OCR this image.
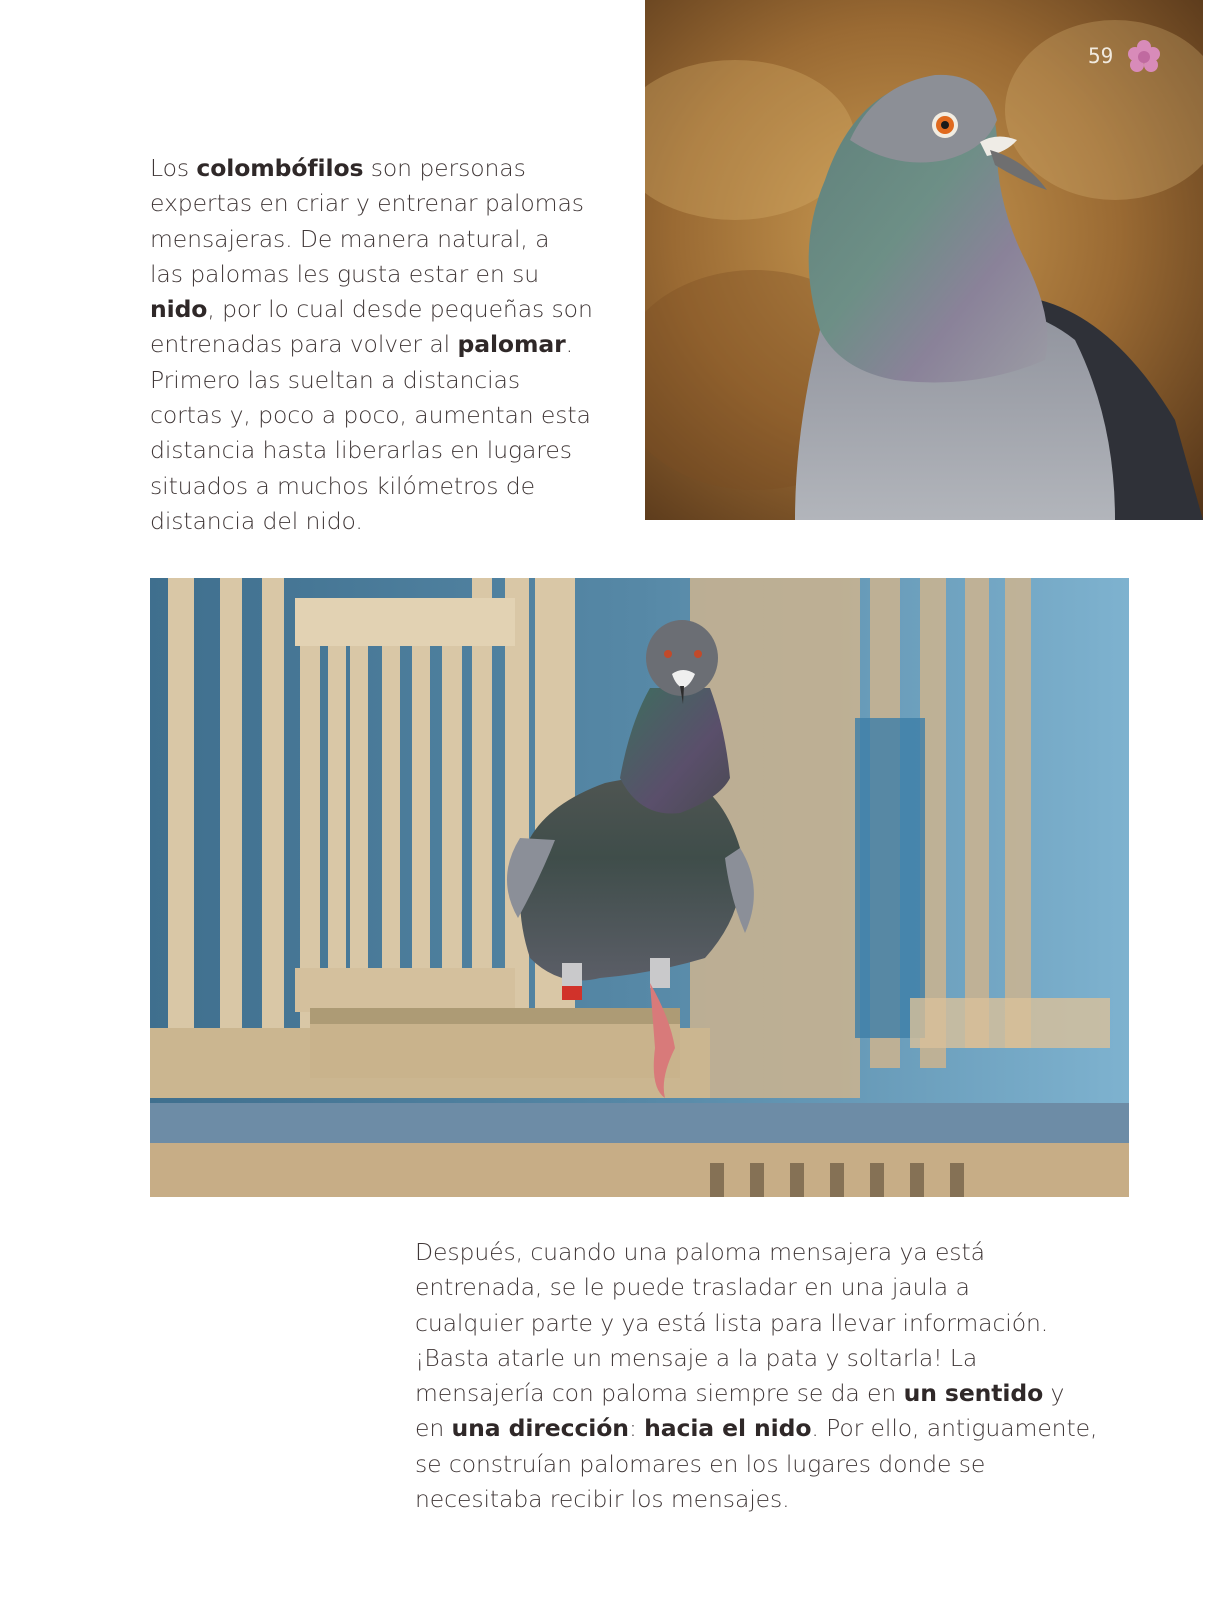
59
Los colombófilos son personas
expertas en criar y entrenar palomas
mensajeras. De manera natural, a
las palomas les gusta estar en su
nido, por lo cual desde pequeñas son
entrenadas para volver al palomar.
Primero las sueltan a distancias
cortas y, poco a poco, aumentan esta
distancia hasta liberarlas en lugares
situados a muchos kilómetros de
distancia del nido.
Después, cuando una paloma mensajera ya está
entrenada, se le puede trasladar en una jaula a
cualquier parte y ya está lista para llevar información.
¡Basta atarle un mensaje a la pata y soltarla! La
mensajería con paloma siempre se da en un sentido y
en una dirección: hacia el nido. Por ello, antiguamente,
se construían palomares en los lugares donde se
necesitaba recibir los mensajes.
